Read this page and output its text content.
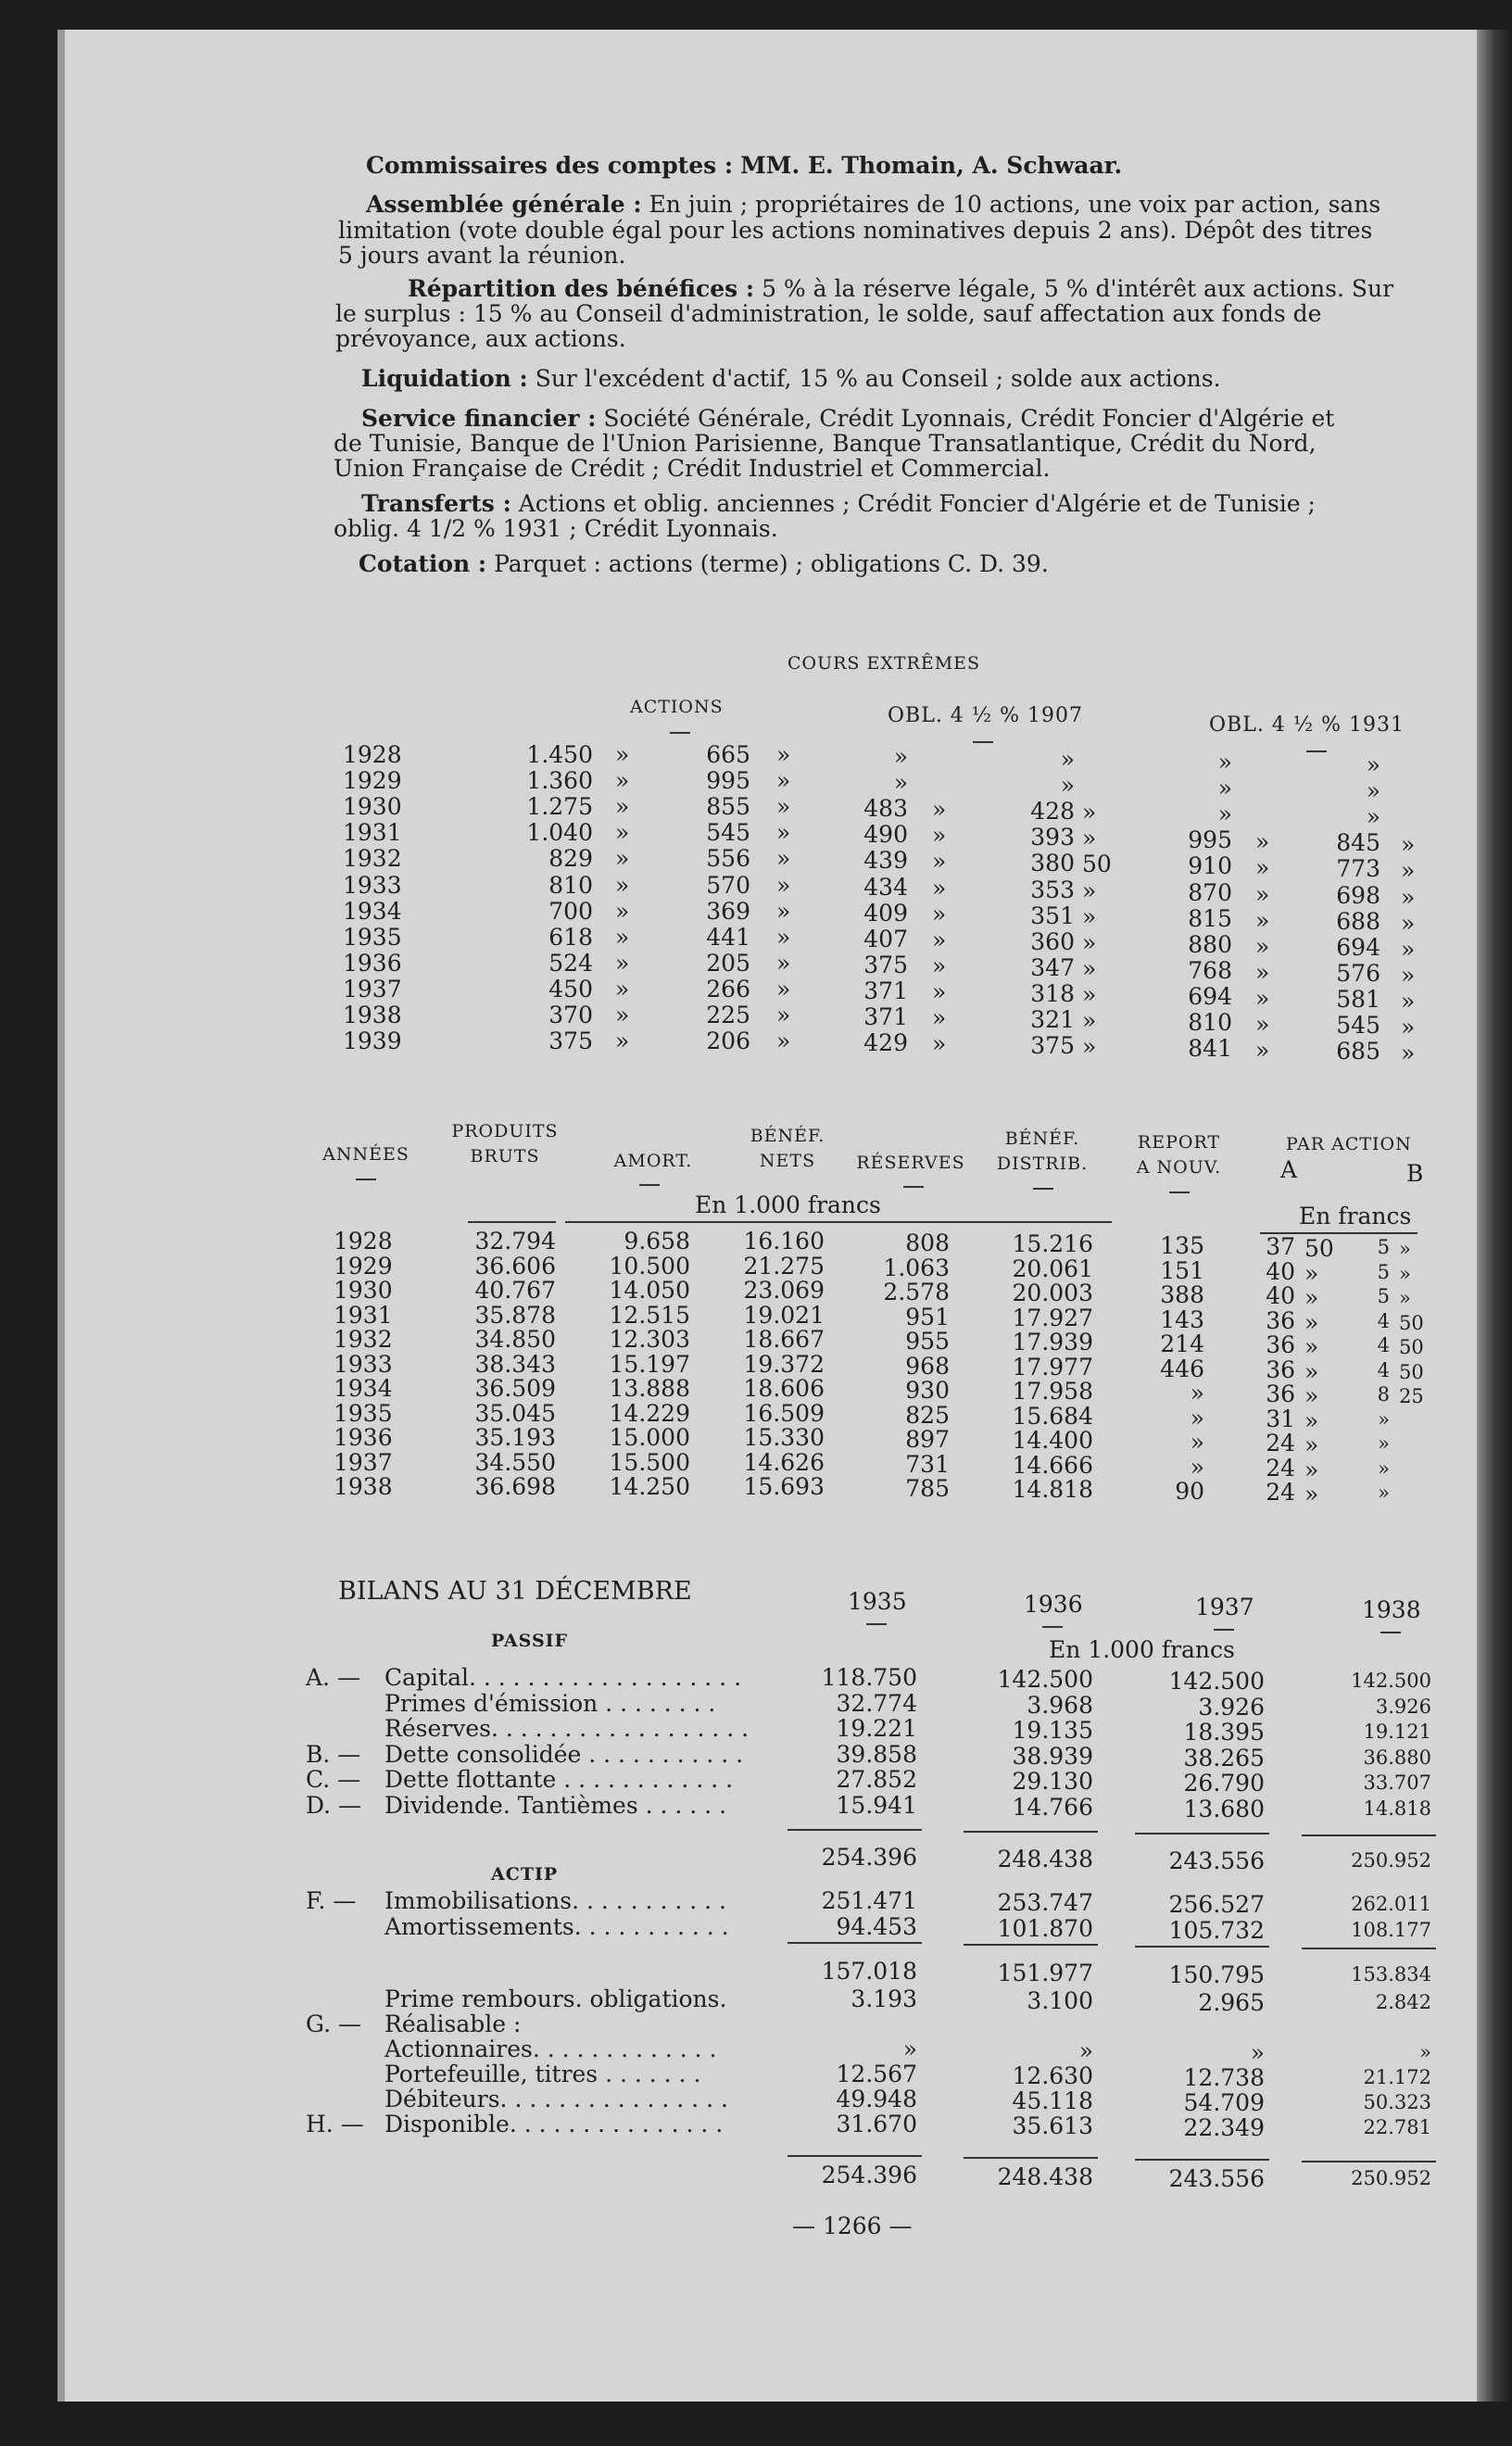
Commissaires des comptes : MM. E. Thomain, A. Schwaar.
Assemblée générale : En juin ; propriétaires de 10 actions, une voix par action, sans
limitation (vote double égal pour les actions nominatives depuis 2 ans). Dépôt des titres
5 jours avant la réunion.
Répartition des bénéfices : 5 % à la réserve légale, 5 % d'intérêt aux actions. Sur
le surplus : 15 % au Conseil d'administration, le solde, sauf affectation aux fonds de
prévoyance, aux actions.
Liquidation : Sur l'excédent d'actif, 15 % au Conseil ; solde aux actions.
Service financier : Société Générale, Crédit Lyonnais, Crédit Foncier d'Algérie et
de Tunisie, Banque de l'Union Parisienne, Banque Transatlantique, Crédit du Nord,
Union Française de Crédit ; Crédit Industriel et Commercial.
Transferts : Actions et oblig. anciennes ; Crédit Foncier d'Algérie et de Tunisie ;
oblig. 4 1/2 % 1931 ; Crédit Lyonnais.
Cotation : Parquet : actions (terme) ; obligations C. D. 39.
COURS EXTRÊMES
ACTIONS	OBL. 4 ½ % 1907	OBL. 4 ½ % 1931
1928	1.450 »	665 »	»	»	»	»
1929	1.360 »	995 »	»	»	»	»
1930	1.275 »	855 »	483 »	428 »	»	»
1931	1.040 »	545 »	490 »	393 »	995 »	845 »
1932	829 »	556 »	439 »	380 50	910 »	773 »
1933	810 »	570 »	434 »	353 »	870 »	698 »
1934	700 »	369 »	409 »	351 »	815 »	688 »
1935	618 »	441 »	407 »	360 »	880 »	694 »
1936	524 »	205 »	375 »	347 »	768 »	576 »
1937	450 »	266 »	371 »	318 »	694 »	581 »
1938	370 »	225 »	371 »	321 »	810 »	545 »
1939	375 »	206 »	429 »	375 »	841 »	685 »
ANNÉES
PRODUITS
BRUTS	AMORT.
BÉNÉF.
NETS	RÉSERVES
BÉNÉF.
DISTRIB.
REPORT
A NOUV.
PAR ACTION
A	B
En 1.000 francs	En francs
1928	32.794	9.658	16.160	808	15.216	135	37 50	5 »
1929	36.606	10.500	21.275	1.063	20.061	151	40 »	5 »
1930	40.767	14.050	23.069	2.578	20.003	388	40 »	5 »
1931	35.878	12.515	19.021	951	17.927	143	36 »	4 50
1932	34.850	12.303	18.667	955	17.939	214	36 »	4 50
1933	38.343	15.197	19.372	968	17.977	446	36 »	4 50
1934	36.509	13.888	18.606	930	17.958	»	36 »	8 25
1935	35.045	14.229	16.509	825	15.684	»	31 »	»
1936	35.193	15.000	15.330	897	14.400	»	24 »	»
1937	34.550	15.500	14.626	731	14.666	»	24 »	»
1938	36.698	14.250	15.693	785	14.818	90	24 »	»
BILANS AU 31 DÉCEMBRE	1935	1936	1937	1938
PASSIF	En 1.000 francs
A. — Capital. . . . . . . . . . . . . . . . . . .	118.750	142.500	142.500	142.500
Primes d'émission . . . . . . . .	32.774	3.968	3.926	3.926
Réserves. . . . . . . . . . . . . . . . . .	19.221	19.135	18.395	19.121
B. — Dette consolidée . . . . . . . . . . .	39.858	38.939	38.265	36.880
C. — Dette flottante . . . . . . . . . . . .	27.852	29.130	26.790	33.707
D. — Dividende. Tantièmes . . . . . .	15.941	14.766	13.680	14.818
254.396	248.438	243.556	250.952
ACTIP
F. — Immobilisations. . . . . . . . . . .	251.471	253.747	256.527	262.011
Amortissements. . . . . . . . . . .	94.453	101.870	105.732	108.177
157.018	151.977	150.795	153.834
Prime rembours. obligations.	3.193	3.100	2.965	2.842
G. — Réalisable :
Actionnaires. . . . . . . . . . . . .	»	»	»	»
Portefeuille, titres . . . . . . .	12.567	12.630	12.738	21.172
Débiteurs. . . . . . . . . . . . . . . .	49.948	45.118	54.709	50.323
H. — Disponible. . . . . . . . . . . . . . .	31.670	35.613	22.349	22.781
254.396	248.438	243.556	250.952
— 1266 —
